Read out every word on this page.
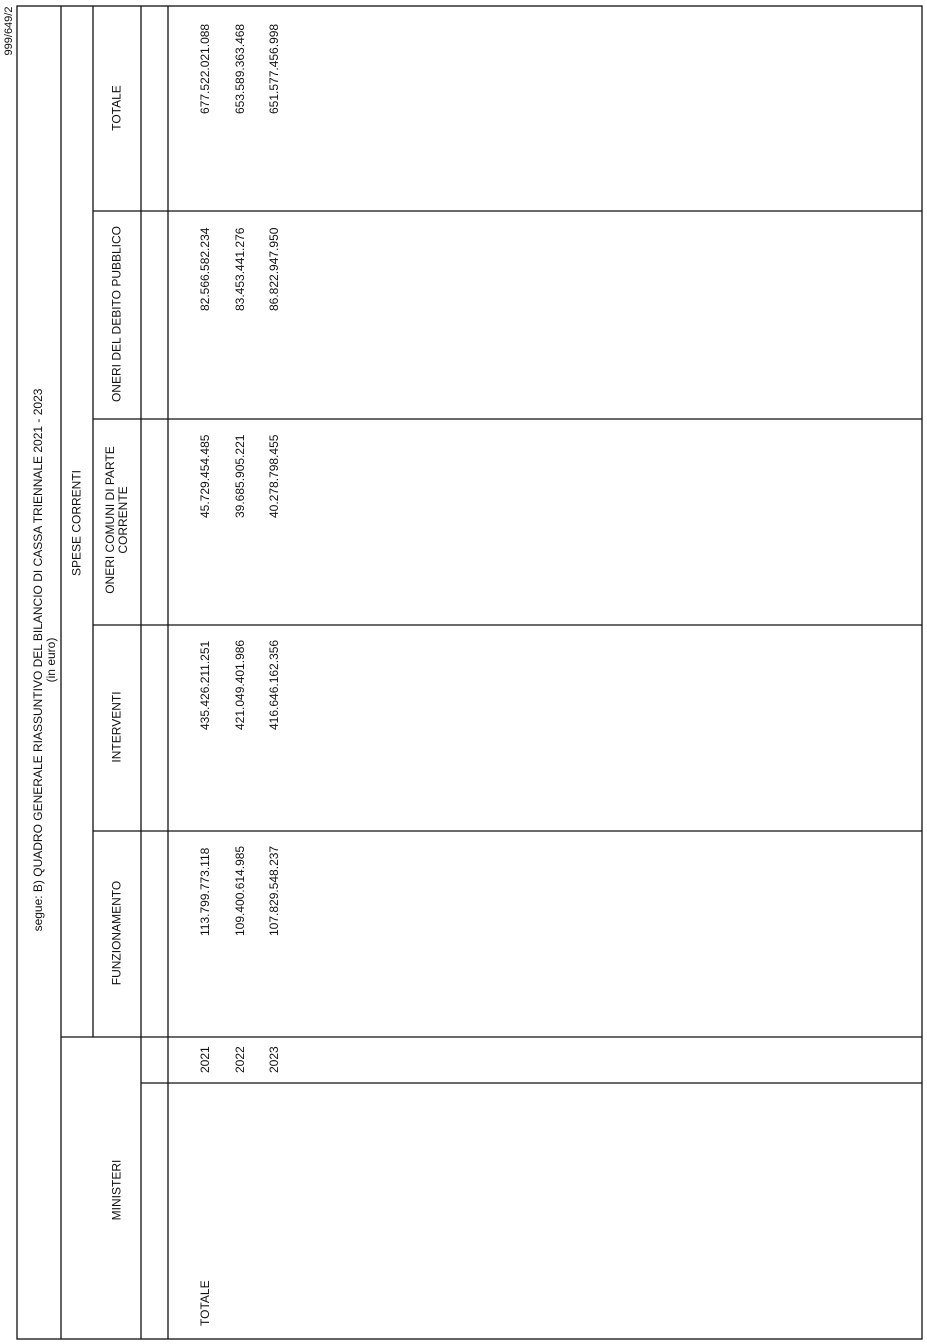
999/649/2
segue: B) QUADRO GENERALE RIASSUNTIVO DEL BILANCIO DI CASSA TRIENNALE 2021 - 2023 (in euro)
SPESE CORRENTI
MINISTERI
FUNZIONAMENTO
INTERVENTI
ONERI COMUNI DI PARTE CORRENTE
ONERI DEL DEBITO PUBBLICO
TOTALE

TOTALE

2021

2022

2023

113.799.773.118

109.400.614.985

107.829.548.237

435.426.211.251

421.049.401.986

416.646.162.356

45.729.454.485

39.685.905.221

40.278.798.455

82.566.582.234

83.453.441.276

86.822.947.950

677.522.021.088

653.589.363.468

651.577.456.998
